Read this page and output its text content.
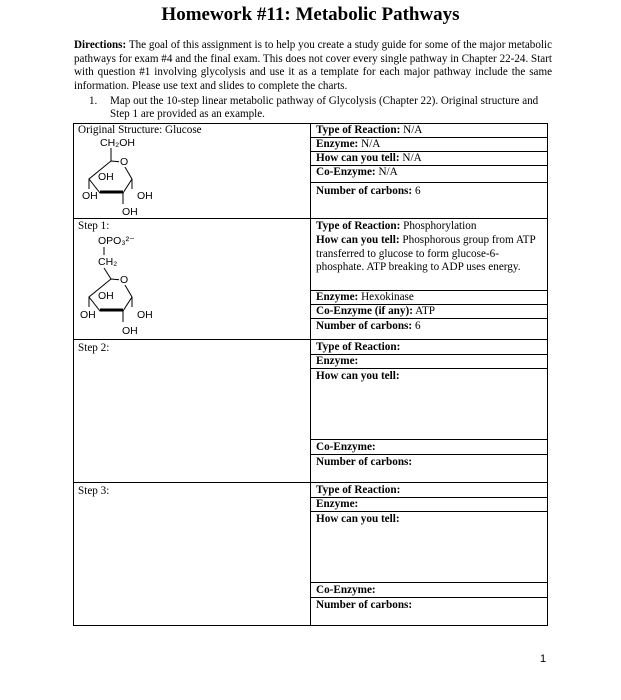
Homework #11: Metabolic Pathways
Directions: The goal of this assignment is to help you create a study guide for some of the major metabolic pathways for exam #4 and the final exam. This does not cover every single pathway in Chapter 22-24. Start with question #1 involving glycolysis and use it as a template for each major pathway include the same information. Please use text and slides to complete the charts.
1. Map out the 10-step linear metabolic pathway of Glycolysis (Chapter 22). Original structure and Step 1 are provided as an example.
Original Structure: Glucose
CH₂OH
O
OH
OH	OH
OH
Type of Reaction: N/A
Enzyme: N/A
How can you tell: N/A
Co-Enzyme: N/A
Number of carbons: 6
Step 1:
OPO₃²⁻
CH₂
O
OH
OH	OH
OH
Type of Reaction: Phosphorylation
How can you tell: Phosphorous group from ATP transferred to glucose to form glucose-6-phosphate. ATP breaking to ADP uses energy.
Enzyme: Hexokinase
Co-Enzyme (if any): ATP
Number of carbons: 6
Step 2:	Type of Reaction:
Enzyme:
How can you tell:
Co-Enzyme:
Number of carbons:
Step 3:	Type of Reaction:
Enzyme:
How can you tell:
Co-Enzyme:
Number of carbons:
1
